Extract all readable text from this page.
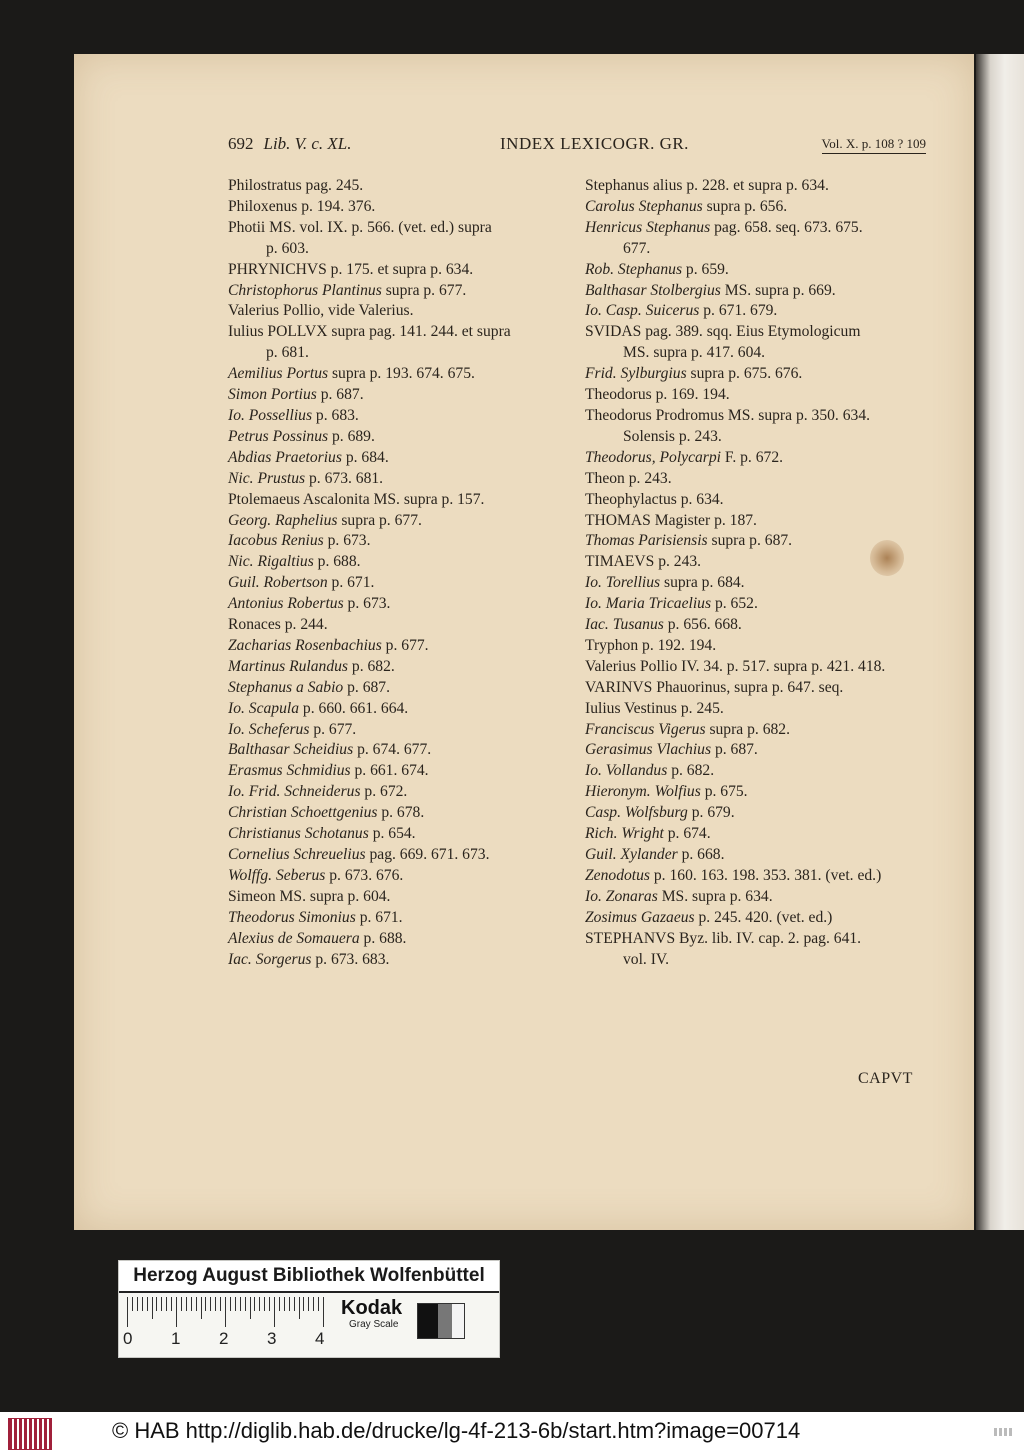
692 Lib. V. c. XL.	INDEX LEXICOGR. GR.	Vol. X. p. 108 ? 109
Philostratus pag. 245.
Philoxenus p. 194. 376.
Photii MS. vol. IX. p. 566. (vet. ed.) supra
p. 603.
PHRYNICHVS p. 175. et supra p. 634.
Christophorus Plantinus supra p. 677.
Valerius Pollio, vide Valerius.
Iulius POLLVX supra pag. 141. 244. et supra
p. 681.
Aemilius Portus supra p. 193. 674. 675.
Simon Portius p. 687.
Io. Possellius p. 683.
Petrus Possinus p. 689.
Abdias Praetorius p. 684.
Nic. Prustus p. 673. 681.
Ptolemaeus Ascalonita MS. supra p. 157.
Georg. Raphelius supra p. 677.
Iacobus Renius p. 673.
Nic. Rigaltius p. 688.
Guil. Robertson p. 671.
Antonius Robertus p. 673.
Ronaces p. 244.
Zacharias Rosenbachius p. 677.
Martinus Rulandus p. 682.
Stephanus a Sabio p. 687.
Io. Scapula p. 660. 661. 664.
Io. Scheferus p. 677.
Balthasar Scheidius p. 674. 677.
Erasmus Schmidius p. 661. 674.
Io. Frid. Schneiderus p. 672.
Christian Schoettgenius p. 678.
Christianus Schotanus p. 654.
Cornelius Schreuelius pag. 669. 671. 673.
Wolffg. Seberus p. 673. 676.
Simeon MS. supra p. 604.
Theodorus Simonius p. 671.
Alexius de Somauera p. 688.
Iac. Sorgerus p. 673. 683.
Stephanus alius p. 228. et supra p. 634.
Carolus Stephanus supra p. 656.
Henricus Stephanus pag. 658. seq. 673. 675.
677.
Rob. Stephanus p. 659.
Balthasar Stolbergius MS. supra p. 669.
Io. Casp. Suicerus p. 671. 679.
SVIDAS pag. 389. sqq. Eius Etymologicum
MS. supra p. 417. 604.
Frid. Sylburgius supra p. 675. 676.
Theodorus p. 169. 194.
Theodorus Prodromus MS. supra p. 350. 634.
Solensis p. 243.
Theodorus, Polycarpi F. p. 672.
Theon p. 243.
Theophylactus p. 634.
THOMAS Magister p. 187.
Thomas Parisiensis supra p. 687.
TIMAEVS p. 243.
Io. Torellius supra p. 684.
Io. Maria Tricaelius p. 652.
Iac. Tusanus p. 656. 668.
Tryphon p. 192. 194.
Valerius Pollio IV. 34. p. 517. supra p. 421. 418.
VARINVS Phauorinus, supra p. 647. seq.
Iulius Vestinus p. 245.
Franciscus Vigerus supra p. 682.
Gerasimus Vlachius p. 687.
Io. Vollandus p. 682.
Hieronym. Wolfius p. 675.
Casp. Wolfsburg p. 679.
Rich. Wright p. 674.
Guil. Xylander p. 668.
Zenodotus p. 160. 163. 198. 353. 381. (vet. ed.)
Io. Zonaras MS. supra p. 634.
Zosimus Gazaeus p. 245. 420. (vet. ed.)
STEPHANVS Byz. lib. IV. cap. 2. pag. 641.
vol. IV.
CAPVT
Herzog August Bibliothek Wolfenbüttel
0 1 2 3 4
Kodak
Gray Scale
© HAB http://diglib.hab.de/drucke/lg-4f-213-6b/start.htm?image=00714
